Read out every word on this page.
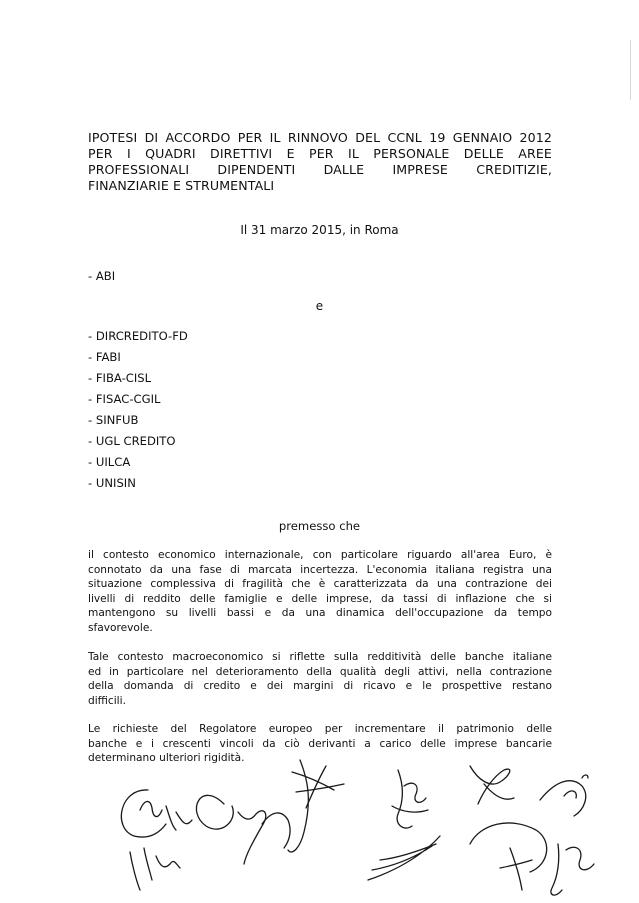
IPOTESI DI ACCORDO PER IL RINNOVO DEL CCNL 19 GENNAIO 2012
PER I QUADRI DIRETTIVI E PER IL PERSONALE DELLE AREE
PROFESSIONALI DIPENDENTI DALLE IMPRESE CREDITIZIE,
FINANZIARIE E STRUMENTALI
Il 31 marzo 2015, in Roma
- ABI
e
- DIRCREDITO-FD
- FABI
- FIBA-CISL
- FISAC-CGIL
- SINFUB
- UGL CREDITO
- UILCA
- UNISIN
premesso che
il contesto economico internazionale, con particolare riguardo all'area Euro, è
connotato da una fase di marcata incertezza. L'economia italiana registra una
situazione complessiva di fragilità che è caratterizzata da una contrazione dei
livelli di reddito delle famiglie e delle imprese, da tassi di inflazione che si
mantengono su livelli bassi e da una dinamica dell'occupazione da tempo
sfavorevole.
Tale contesto macroeconomico si riflette sulla redditività delle banche italiane
ed in particolare nel deterioramento della qualità degli attivi, nella contrazione
della domanda di credito e dei margini di ricavo e le prospettive restano
difficili.
Le richieste del Regolatore europeo per incrementare il patrimonio delle
banche e i crescenti vincoli da ciò derivanti a carico delle imprese bancarie
determinano ulteriori rigidità.
